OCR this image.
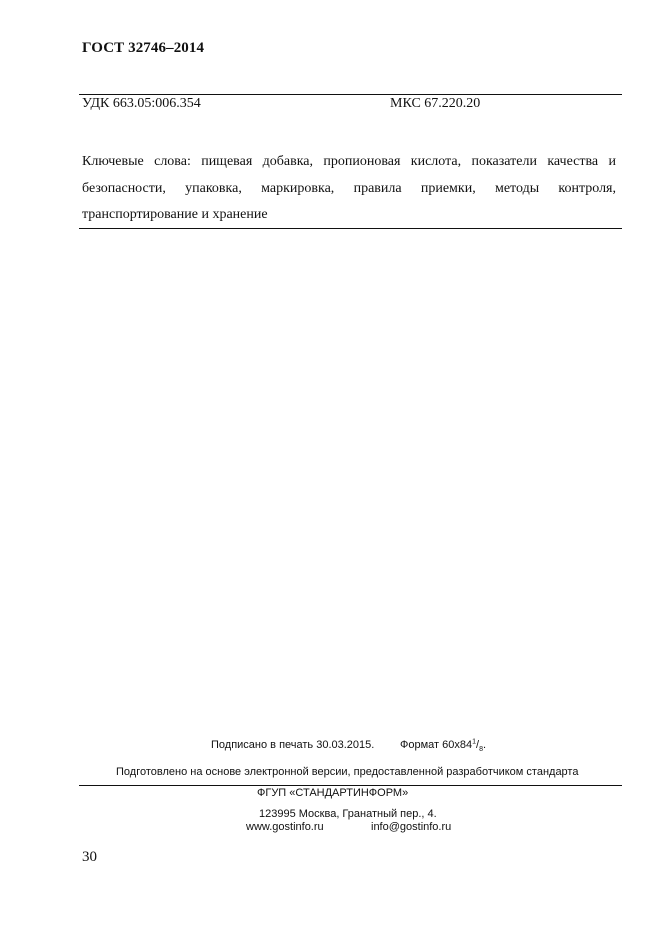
ГОСТ 32746–2014
УДК 663.05:006.354	МКС 67.220.20
Ключевые слова: пищевая добавка, пропионовая кислота, показатели качества и безопасности, упаковка, маркировка, правила приемки, методы контроля, транспортирование и хранение
Подписано в печать 30.03.2015. Формат $60х84^1/_8$.
Подготовлено на основе электронной версии, предоставленной разработчиком стандарта
ФГУП «СТАНДАРТИНФОРМ»
123995 Москва, Гранатный пер., 4.
www.gostinfo.ru	info@gostinfo.ru
30
